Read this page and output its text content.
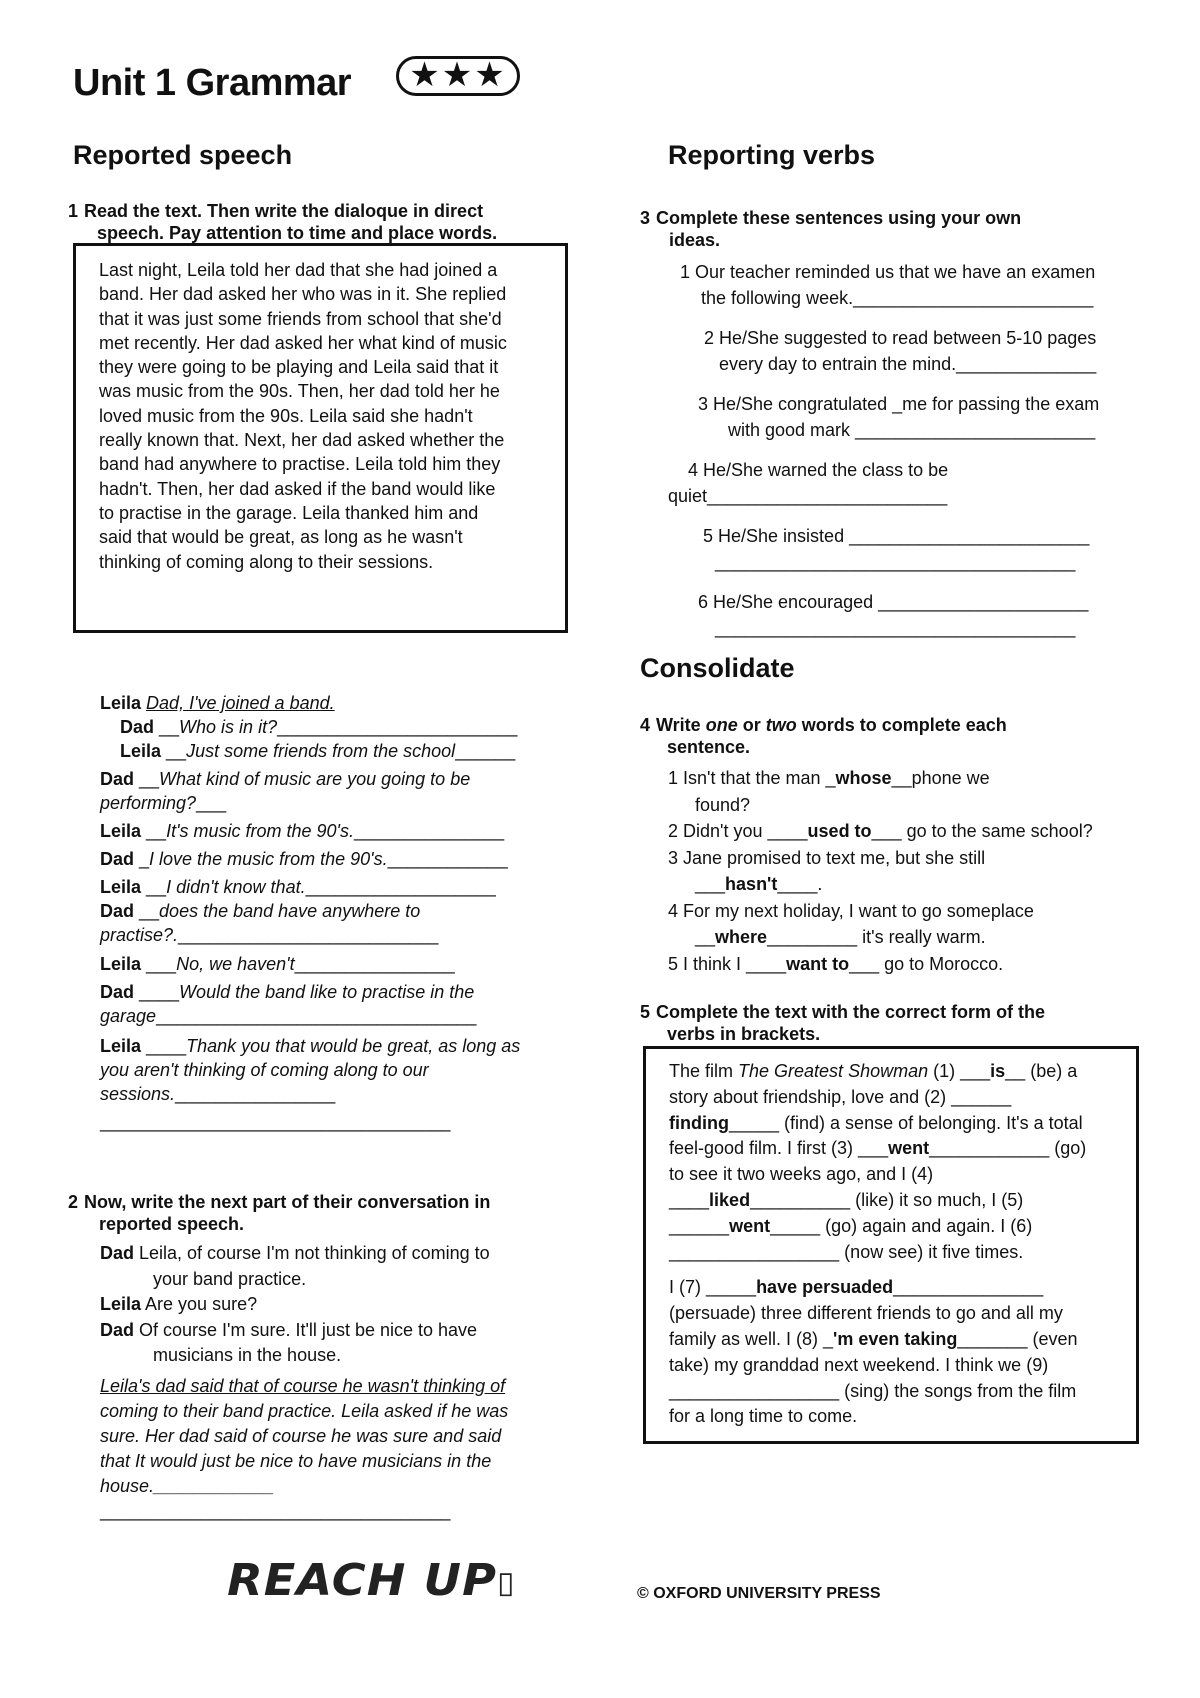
Unit 1 Grammar	★★★
Reported speech
1 Read the text. Then write the dialoque in direct
speech. Pay attention to time and place words.
Last night, Leila told her dad that she had joined a
band. Her dad asked her who was in it. She replied
that it was just some friends from school that she'd
met recently. Her dad asked her what kind of music
they were going to be playing and Leila said that it
was music from the 90s. Then, her dad told her he
loved music from the 90s. Leila said she hadn't
really known that. Next, her dad asked whether the
band had anywhere to practise. Leila told him they
hadn't. Then, her dad asked if the band would like
to practise in the garage. Leila thanked him and
said that would be great, as long as he wasn't
thinking of coming along to their sessions.
Leila Dad, I've joined a band.
Dad __Who is in it?________________________
Leila __Just some friends from the school______
Dad __What kind of music are you going to be
performing?___
Leila __It's music from the 90's._______________
Dad _I love the music from the 90's.____________
Leila __I didn't know that.___________________
Dad __does the band have anywhere to
practise?.__________________________
Leila ___No, we haven't________________
Dad ____Would the band like to practise in the
garage________________________________
Leila ____Thank you that would be great, as long as
you aren't thinking of coming along to our
sessions.________________
___________________________________
2 Now, write the next part of their conversation in
reported speech.
Dad Leila, of course I'm not thinking of coming to
your band practice.
Leila Are you sure?
Dad Of course I'm sure. It'll just be nice to have
musicians in the house.
Leila's dad said that of course he wasn't thinking of
coming to their band practice. Leila asked if he was
sure. Her dad said of course he was sure and said
that It would just be nice to have musicians in the
house.____________
___________________________________
Reporting verbs
3 Complete these sentences using your own
ideas.
1 Our teacher reminded us that we have an examen
the following week.________________________
2 He/She suggested to read between 5-10 pages
every day to entrain the mind.______________
3 He/She congratulated _me for passing the exam
with good mark ________________________
4 He/She warned the class to be
quiet________________________
5 He/She insisted ________________________
____________________________________
6 He/She encouraged _____________________
____________________________________
Consolidate
4 Write one or two words to complete each
sentence.
1 Isn't that the man _whose__phone we
found?
2 Didn't you ____used to___ go to the same school?
3 Jane promised to text me, but she still
___hasn't____.
4 For my next holiday, I want to go someplace
__where_________ it's really warm.
5 I think I ____want to___ go to Morocco.
5 Complete the text with the correct form of the
verbs in brackets.
The film The Greatest Showman (1) ___is__ (be) a
story about friendship, love and (2) ______
finding_____ (find) a sense of belonging. It's a total
feel-good film. I first (3) ___went____________ (go)
to see it two weeks ago, and I (4)
____liked__________ (like) it so much, I (5)
______went_____ (go) again and again. I (6)
_________________ (now see) it five times.
I (7) _____have persuaded_______________
(persuade) three different friends to go and all my
family as well. I (8) _'m even taking_______ (even
take) my granddad next weekend. I think we (9)
_________________ (sing) the songs from the film
for a long time to come.
REACH UP▯	© OXFORD UNIVERSITY PRESS
